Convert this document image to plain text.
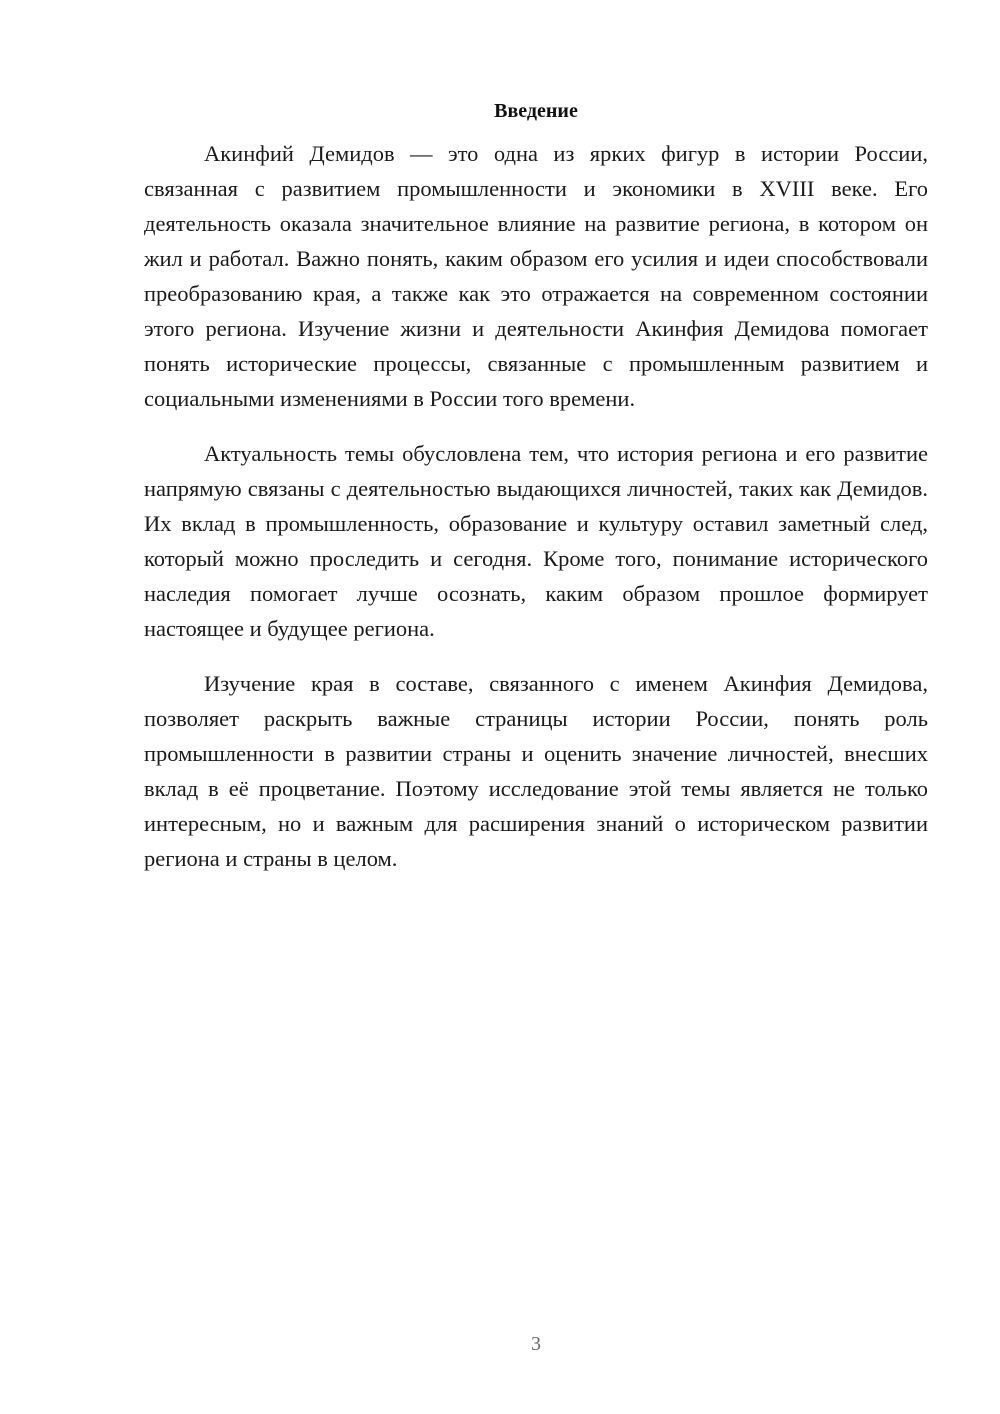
Введение

Акинфий Демидов — это одна из ярких фигур в истории России, связанная с развитием промышленности и экономики в XVIII веке. Его деятельность оказала значительное влияние на развитие региона, в котором он жил и работал. Важно понять, каким образом его усилия и идеи способствовали преобразованию края, а также как это отражается на современном состоянии этого региона. Изучение жизни и деятельности Акинфия Демидова помогает понять исторические процессы, связанные с промышленным развитием и социальными изменениями в России того времени.

Актуальность темы обусловлена тем, что история региона и его развитие напрямую связаны с деятельностью выдающихся личностей, таких как Демидов. Их вклад в промышленность, образование и культуру оставил заметный след, который можно проследить и сегодня. Кроме того, понимание исторического наследия помогает лучше осознать, каким образом прошлое формирует настоящее и будущее региона.

Изучение края в составе, связанного с именем Акинфия Демидова, позволяет раскрыть важные страницы истории России, понять роль промышленности в развитии страны и оценить значение личностей, внесших вклад в её процветание. Поэтому исследование этой темы является не только интересным, но и важным для расширения знаний о историческом развитии региона и страны в целом.

3
